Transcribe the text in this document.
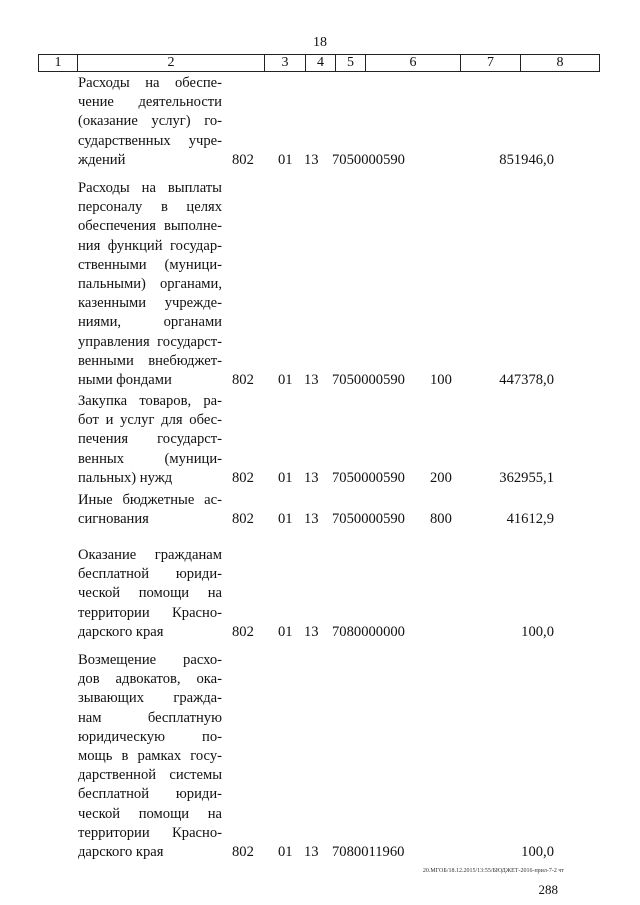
18
1	2	3	4	5	6	7	8
Расходы на обеспе-
чение деятельности
(оказание услуг) го-
сударственных учре-
ждений	802 01 13 7050000590	851946,0
Расходы на выплаты
персоналу в целях
обеспечения выполне-
ния функций государ-
ственными (муници-
пальными) органами,
казенными учрежде-
ниями, органами
управления государст-
венными внебюджет-
ными фондами	802 01 13 7050000590 100	447378,0
Закупка товаров, ра-
бот и услуг для обес-
печения государст-
венных (муници-
пальных) нужд	802 01 13 7050000590 200	362955,1
Иные бюджетные ас-
сигнования	802 01 13 7050000590 800	41612,9
Оказание гражданам
бесплатной юриди-
ческой помощи на
территории Красно-
дарского края	802 01 13 7080000000	100,0
Возмещение расхо-
дов адвокатов, ока-
зывающих гражда-
нам бесплатную
юридическую по-
мощь в рамках госу-
дарственной системы
бесплатной юриди-
ческой помощи на
территории Красно-
дарского края	802 01 13 7080011960	100,0
20.МГОБ/18.12.2015/13:55/БЮДЖЕТ-2016-прил-7-2 чт
288
